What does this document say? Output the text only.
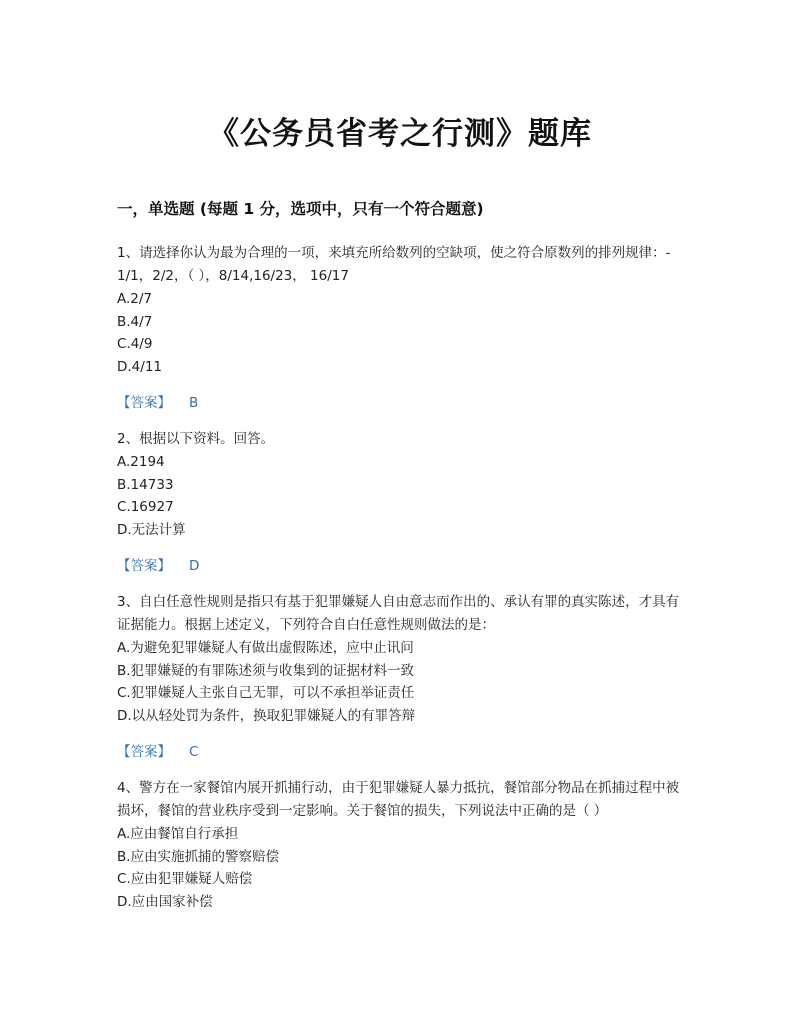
《公务员省考之行测》题库
一，单选题 (每题 1 分，选项中，只有一个符合题意)

1、请选择你认为最为合理的一项，来填充所给数列的空缺项，使之符合原数列的排列规律：-1/1，2/2，（ ），8/14,16/23， 16/17

A.2/7
B.4/7
C.4/9
D.4/11
【答案】 B

2、根据以下资料。回答。

A.2194
B.14733
C.16927
D.无法计算
【答案】 D

3、自白任意性规则是指只有基于犯罪嫌疑人自由意志而作出的、承认有罪的真实陈述，才具有证据能力。根据上述定义，下列符合自白任意性规则做法的是：

A.为避免犯罪嫌疑人有做出虚假陈述，应中止讯问
B.犯罪嫌疑的有罪陈述须与收集到的证据材料一致
C.犯罪嫌疑人主张自己无罪，可以不承担举证责任
D.以从轻处罚为条件，换取犯罪嫌疑人的有罪答辩
【答案】 C

4、警方在一家餐馆内展开抓捕行动，由于犯罪嫌疑人暴力抵抗，餐馆部分物品在抓捕过程中被损坏，餐馆的营业秩序受到一定影响。关于餐馆的损失，下列说法中正确的是（ ）

A.应由餐馆自行承担
B.应由实施抓捕的警察赔偿
C.应由犯罪嫌疑人赔偿
D.应由国家补偿
